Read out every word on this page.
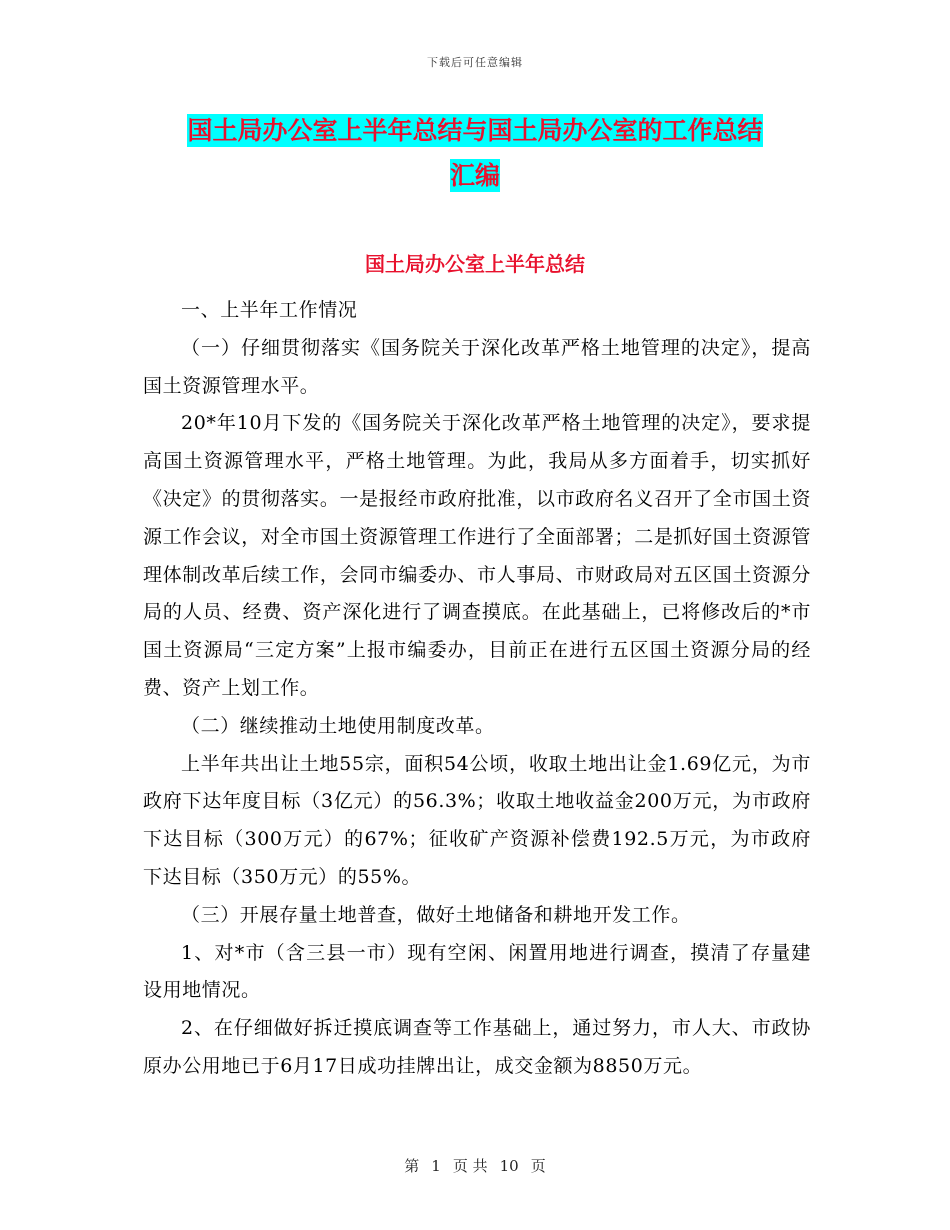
下载后可任意编辑
国土局办公室上半年总结与国土局办公室的工作总结
汇编
国土局办公室上半年总结

一、上半年工作情况

（一）仔细贯彻落实《国务院关于深化改革严格土地管理的决定》，提高国土资源管理水平。

20*年10月下发的《国务院关于深化改革严格土地管理的决定》，要求提高国土资源管理水平，严格土地管理。为此，我局从多方面着手，切实抓好《决定》的贯彻落实。一是报经市政府批准，以市政府名义召开了全市国土资源工作会议，对全市国土资源管理工作进行了全面部署；二是抓好国土资源管理体制改革后续工作，会同市编委办、市人事局、市财政局对五区国土资源分局的人员、经费、资产深化进行了调查摸底。在此基础上，已将修改后的*市国土资源局“三定方案”上报市编委办，目前正在进行五区国土资源分局的经费、资产上划工作。

（二）继续推动土地使用制度改革。

上半年共出让土地55宗，面积54公顷，收取土地出让金1.69亿元，为市政府下达年度目标（3亿元）的56.3%；收取土地收益金200万元，为市政府下达目标（300万元）的67%；征收矿产资源补偿费192.5万元，为市政府下达目标（350万元）的55%。

（三）开展存量土地普查，做好土地储备和耕地开发工作。

1、对*市（含三县一市）现有空闲、闲置用地进行调查，摸清了存量建设用地情况。

2、在仔细做好拆迁摸底调查等工作基础上，通过努力，市人大、市政协原办公用地已于6月17日成功挂牌出让，成交金额为8850万元。

第 1 页 共 10 页
